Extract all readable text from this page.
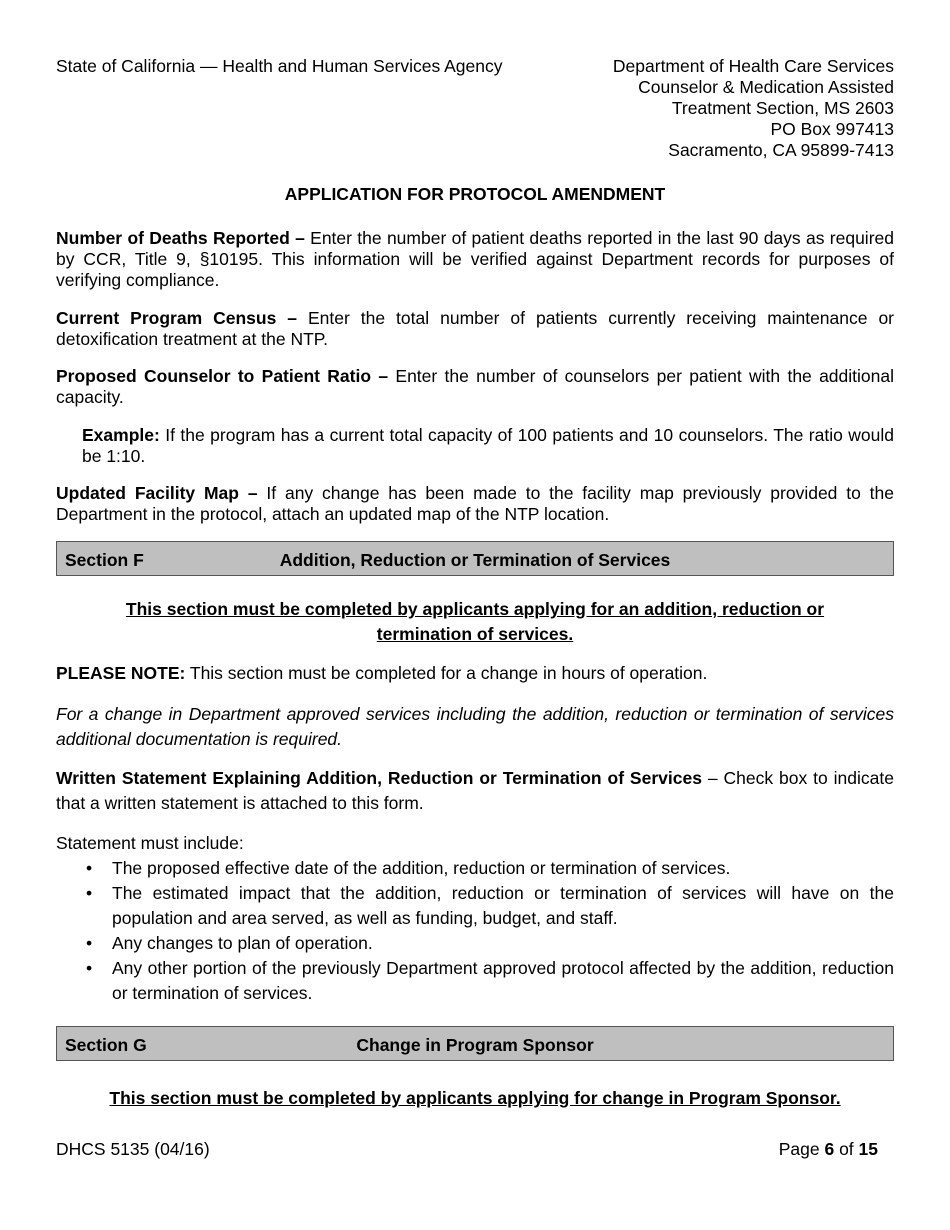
State of California — Health and Human Services Agency	Department of Health Care Services
Counselor & Medication Assisted
Treatment Section, MS 2603
PO Box 997413
Sacramento, CA 95899-7413
APPLICATION FOR PROTOCOL AMENDMENT
Number of Deaths Reported – Enter the number of patient deaths reported in the last 90 days as required by CCR, Title 9, §10195. This information will be verified against Department records for purposes of verifying compliance.
Current Program Census – Enter the total number of patients currently receiving maintenance or detoxification treatment at the NTP.
Proposed Counselor to Patient Ratio – Enter the number of counselors per patient with the additional capacity.
Example: If the program has a current total capacity of 100 patients and 10 counselors. The ratio would be 1:10.
Updated Facility Map – If any change has been made to the facility map previously provided to the Department in the protocol, attach an updated map of the NTP location.
Section F	Addition, Reduction or Termination of Services
This section must be completed by applicants applying for an addition, reduction or termination of services.
PLEASE NOTE: This section must be completed for a change in hours of operation.
For a change in Department approved services including the addition, reduction or termination of services additional documentation is required.
Written Statement Explaining Addition, Reduction or Termination of Services – Check box to indicate that a written statement is attached to this form.
Statement must include:
• The proposed effective date of the addition, reduction or termination of services.
• The estimated impact that the addition, reduction or termination of services will have on the population and area served, as well as funding, budget, and staff.
• Any changes to plan of operation.
• Any other portion of the previously Department approved protocol affected by the addition, reduction or termination of services.
Section G	Change in Program Sponsor
This section must be completed by applicants applying for change in Program Sponsor.
DHCS 5135 (04/16)	Page 6 of 15
